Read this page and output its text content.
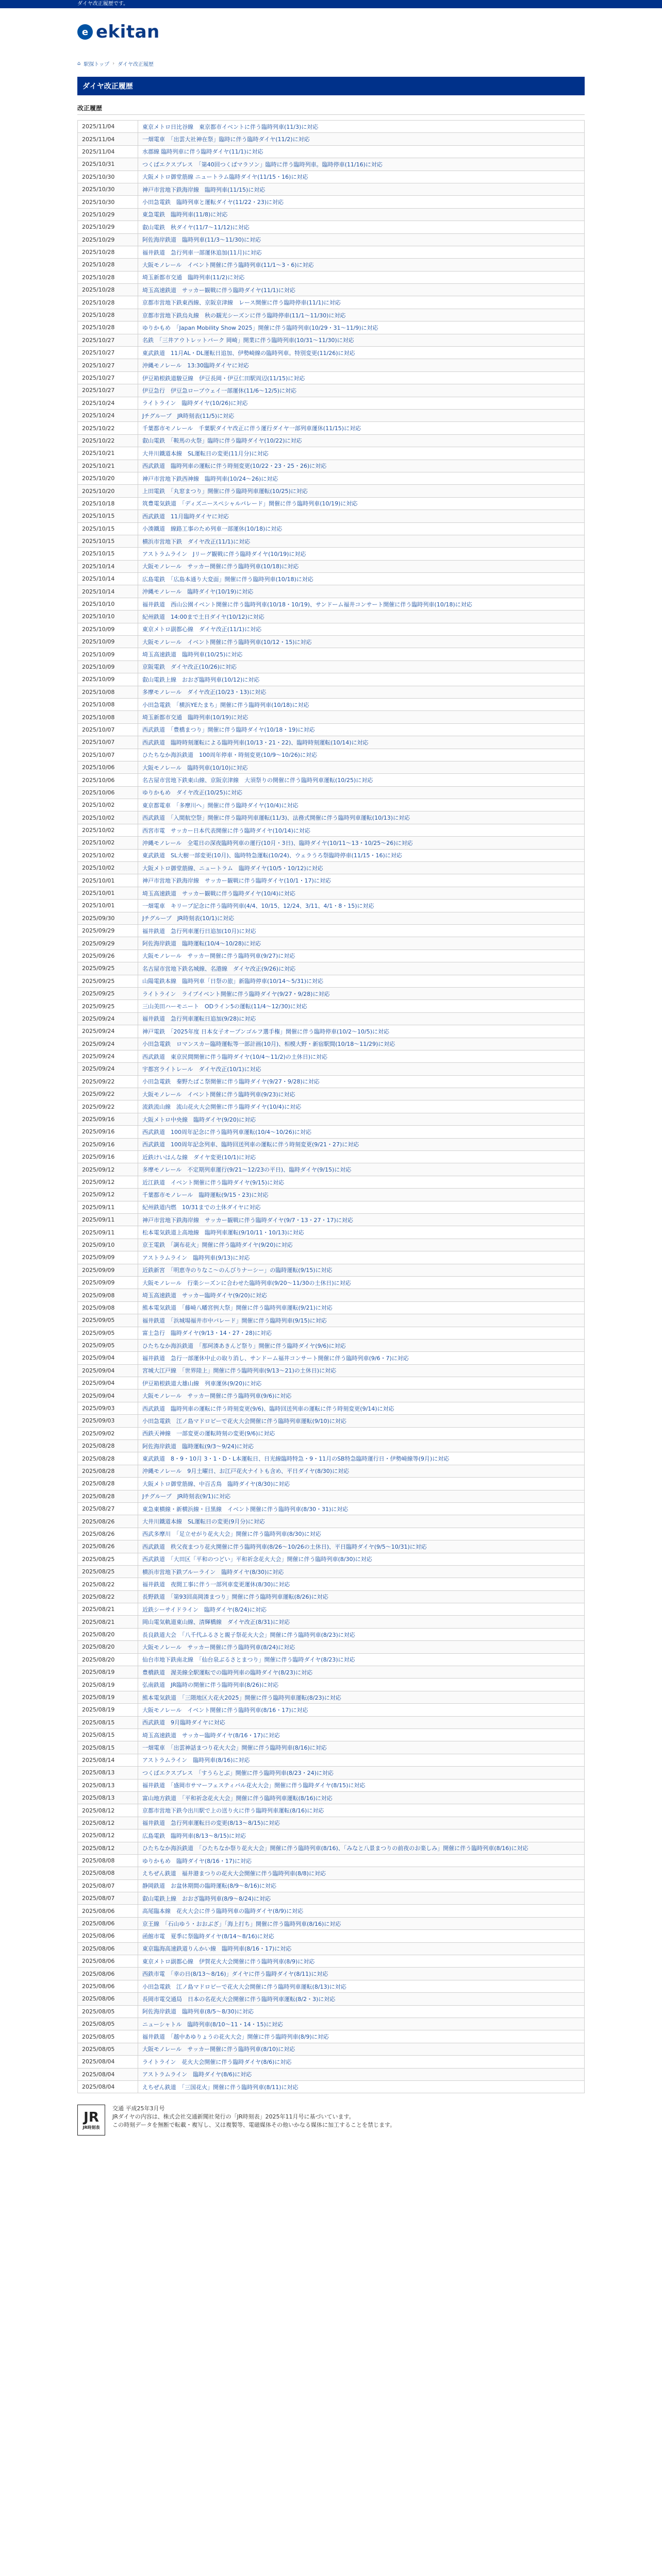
ダイヤ改正履歴です。
e ekitan
⌂ 駅探トップ › ダイヤ改正履歴
ダイヤ改正履歴
改正履歴
2025/11/04	東京メトロ日比谷線　東京都市イベントに伴う臨時列車(11/3)に対応
2025/11/04	一畑電車　「出雲大社神在祭」臨時に伴う臨時ダイヤ(11/2)に対応
2025/11/04	水郡線 臨時列車に伴う臨時ダイヤ(11/1)に対応
2025/10/31	つくばエクスプレス　「第40回つくばマラソン」臨時に伴う臨時列車。臨時停車(11/16)に対応
2025/10/30	大阪メトロ御堂筋線 ニュートラム臨時ダイヤ(11/15・16)に対応
2025/10/30	神戸市営地下鉄海岸線　臨時列車(11/15)に対応
2025/10/30	小田急電鉄　臨時列車と運転ダイヤ(11/22・23)に対応
2025/10/29	東急電鉄　臨時列車(11/8)に対応
2025/10/29	叡山電鉄　秋ダイヤ(11/7〜11/12)に対応
2025/10/29	阿佐海岸鉄道　臨時列車(11/3〜11/30)に対応
2025/10/28	福井鉄道　急行列車一部運休追加(11月)に対応
2025/10/28	大阪モノレール　イベント開催に伴う臨時列車(11/1〜3・6)に対応
2025/10/28	埼玉新都市交通　臨時列車(11/2)に対応
2025/10/28	埼玉高速鉄道　サッカー観戦に伴う臨時ダイヤ(11/1)に対応
2025/10/28	京都市営地下鉄東西線、京阪京津線　レース開催に伴う臨時停車(11/1)に対応
2025/10/28	京都市営地下鉄烏丸線　秋の観光シーズンに伴う臨時停車(11/1〜11/30)に対応
2025/10/28	ゆりかもめ　「Japan Mobility Show 2025」開催に伴う臨時列車(10/29・31〜11/9)に対応
2025/10/27	名鉄　「三井アウトレットパーク 岡崎」開業に伴う臨時列車(10/31〜11/30)に対応
2025/10/27	東武鉄道　11月AL・DL運転日追加、伊勢崎線の臨時列車。特別変更(11/26)に対応
2025/10/27	沖縄モノレール　13:30臨時ダイヤに対応
2025/10/27	伊豆箱根鉄道駿豆線　伊豆長岡・伊豆仁田駅周辺(11/15)に対応
2025/10/27	伊豆急行　伊豆急ロープウェイ一部運休(11/6〜12/5)に対応
2025/10/24	ライトライン　臨時ダイヤ(10/26)に対応
2025/10/24	Jチグループ　JR時刻表(11/5)に対応
2025/10/22	千葉都市モノレール　千葉駅ダイヤ改正に伴う運行ダイヤ一部列車運休(11/15)に対応
2025/10/22	叡山電鉄　「鞍馬の火祭」臨時に伴う臨時ダイヤ(10/22)に対応
2025/10/21	大井川鐵道本線　SL運転日の変更(11月分)に対応
2025/10/21	西武鉄道　臨時列車の運転に伴う時刻変更(10/22・23・25・26)に対応
2025/10/20	神戸市営地下鉄西神線　臨時列車(10/24〜26)に対応
2025/10/20	上田電鉄　「丸窓まつり」開催に伴う臨時列車運転(10/25)に対応
2025/10/18	筑豊電気鉄道　「ディズニースペシャルパレード」開催に伴う臨時列車(10/19)に対応
2025/10/15	西武鉄道　11月臨時ダイヤに対応
2025/10/15	小湊鐵道　線路工事のため列車一部運休(10/18)に対応
2025/10/15	横浜市営地下鉄　ダイヤ改正(11/1)に対応
2025/10/15	アストラムライン　Jリーグ観戦に伴う臨時ダイヤ(10/19)に対応
2025/10/14	大阪モノレール　サッカー開催に伴う臨時列車(10/18)に対応
2025/10/14	広島電鉄　「広島本通り大変面」開催に伴う臨時列車(10/18)に対応
2025/10/14	沖縄モノレール　臨時ダイヤ(10/19)に対応
2025/10/10	福井鉄道　西山公園イベント開催に伴う臨時列車(10/18・10/19)、サンドーム福井コンサート開催に伴う臨時列車(10/18)に対応
2025/10/10	紀州鉄道　14:00まで土日ダイヤ(10/12)に対応
2025/10/09	東京メトロ副都心線　ダイヤ改正(11/1)に対応
2025/10/09	大阪モノレール　イベント開催に伴う臨時列車(10/12・15)に対応
2025/10/09	埼玉高速鉄道　臨時列車(10/25)に対応
2025/10/09	京阪電鉄　ダイヤ改正(10/26)に対応
2025/10/09	叡山電鉄上線　おおざ臨時列車(10/12)に対応
2025/10/08	多摩モノレール　ダイヤ改正(10/23・13)に対応
2025/10/08	小田急電鉄　「横浜YEたまち」開催に伴う臨時列車(10/18)に対応
2025/10/08	埼玉新都市交通　臨時列車(10/19)に対応
2025/10/07	西武鉄道　「豊橋まつり」開催に伴う臨時ダイヤ(10/18・19)に対応
2025/10/07	西武鉄道　臨時時刻運転による臨時列車(10/13・21・22)、臨時時刻運転(10/14)に対応
2025/10/07	ひたちなか海浜鉄道　100周年停車・時刻変更(10/9〜10/26)に対応
2025/10/06	大阪モノレール　臨時列車(10/10)に対応
2025/10/06	名古屋市営地下鉄東山線、京阪京津線　大須祭りの開催に伴う臨時列車運転(10/25)に対応
2025/10/06	ゆりかもめ　ダイヤ改正(10/25)に対応
2025/10/02	東京都電車　「多摩川へ」開催に伴う臨時ダイヤ(10/4)に対応
2025/10/02	西武鉄道　「入間航空祭」開催に伴う臨時列車運転(11/3)、法務式開催に伴う臨時列車運転(10/13)に対応
2025/10/02	西宮市電　サッカー日本代表開催に伴う臨時ダイヤ(10/14)に対応
2025/10/02	沖縄モノレール　全電日の深夜臨時列車の運行(10月・3日)、臨時ダイヤ(10/11〜13・10/25〜26)に対応
2025/10/02	東武鉄道　SL大樹一部変更(10月)、臨時特急運転(10/24)、ウェラうろ祭臨時停車(11/15・16)に対応
2025/10/02	大阪メトロ御堂筋線、ニュートラム　臨時ダイヤ(10/5・10/12)に対応
2025/10/01	神戸市営地下鉄海岸線　サッカー観戦に伴う臨時ダイヤ(10/1・17)に対応
2025/10/01	埼玉高速鉄道　サッカー観戦に伴う臨時ダイヤ(10/4)に対応
2025/10/01	一畑電車　キリーブ記念に伴う臨時列車(4/4、10/15、12/24、3/11、4/1・8・15)に対応
2025/09/30	Jチグループ　JR時刻表(10/1)に対応
2025/09/29	福井鉄道　急行列車運行日追加(10月)に対応
2025/09/29	阿佐海岸鉄道　臨時運転(10/4〜10/28)に対応
2025/09/26	大阪モノレール　サッカー開催に伴う臨時列車(9/27)に対応
2025/09/25	名古屋市営地下鉄名城線、名港線　ダイヤ改正(9/26)に対応
2025/09/25	山陽電鉄本線　臨時列車「日祭の旅」新臨時停車(10/14〜5/31)に対応
2025/09/25	ライトライン　ライブイベント開催に伴う臨時ダイヤ(9/27・9/28)に対応
2025/09/25	三山美田ハーモニート　ODライン5の運転(11/4〜12/30)に対応
2025/09/24	福井鉄道　急行列車運転日追加(9/28)に対応
2025/09/24	神戸電鉄　「2025年度 日本女子オープンゴルフ選手権」開催に伴う臨時停車(10/2〜10/5)に対応
2025/09/24	小田急電鉄　ロマンスカー臨時運転等一部計画(10月)、相模大野・新宿駅間(10/18〜11/29)に対応
2025/09/24	西武鉄道　東京民間開催に伴う臨時ダイヤ(10/4〜11/2)の土休日)に対応
2025/09/24	宇都宮ライトレール　ダイヤ改正(10/1)に対応
2025/09/22	小田急電鉄　秦野たばこ祭開催に伴う臨時ダイヤ(9/27・9/28)に対応
2025/09/22	大阪モノレール　イベント開催に伴う臨時列車(9/23)に対応
2025/09/22	流鉄流山線　流山花火大会開催に伴う臨時ダイヤ(10/4)に対応
2025/09/16	大阪メトロ中央線　臨時ダイヤ(9/20)に対応
2025/09/16	西武鉄道　100周年記念に伴う臨時列車運転(10/4〜10/26)に対応
2025/09/16	西武鉄道　100周年記念列車、臨時回送列車の運転に伴う時刻変更(9/21・27)に対応
2025/09/16	近鉄けいはんな線　ダイヤ変更(10/1)に対応
2025/09/12	多摩モノレール　不定期列車運行(9/21〜12/23の平日)、臨時ダイヤ(9/15)に対応
2025/09/12	近江鉄道　イベント開催に伴う臨時ダイヤ(9/15)に対応
2025/09/12	千葉都市モノレール　臨時運転(9/15・23)に対応
2025/09/11	紀州鉄道内燃　10/31までの土休ダイヤに対応
2025/09/11	神戸市営地下鉄海岸線　サッカー観戦に伴う臨時ダイヤ(9/7・13・27・17)に対応
2025/09/11	松本電気鉄道上高地線　臨時列車運転(9/10/11・10/13)に対応
2025/09/10	京王電鉄　「調布花火」開催に伴う臨時ダイヤ(9/20)に対応
2025/09/09	アストラムライン　臨時列車(9/13)に対応
2025/09/09	近鉄新宮　「明恵寺のりなこ〜のんびりナーシー」の臨時運転(9/15)に対応
2025/09/09	大阪モノレール　行楽シーズンに合わせた臨時列車(9/20〜11/30の土休日)に対応
2025/09/08	埼玉高速鉄道　サッカー臨時ダイヤ(9/20)に対応
2025/09/08	熊本電気鉄道　「藤崎八幡宮例大祭」開催に伴う臨時列車運転(9/21)に対応
2025/09/05	福井鉄道　「浜城場福井市中パレード」開催に伴う臨時列車(9/15)に対応
2025/09/05	富士急行　臨時ダイヤ(9/13・14・27・28)に対応
2025/09/05	ひたちなか海浜鉄道　「那珂湊あきんど祭り」開催に伴う臨時ダイヤ(9/6)に対応
2025/09/04	福井鉄道　急行一部運休中止の取り消し、サンドーム福井コンサート開催に伴う臨時列車(9/6・7)に対応
2025/09/04	宮城大江戸線　「世界陸上」開催に伴う臨時列車(9/13〜21)の土休日)に対応
2025/09/04	伊豆箱根鉄道大雄山線　列車運休(9/20)に対応
2025/09/04	大阪モノレール　サッカー開催に伴う臨時列車(9/6)に対応
2025/09/03	西武鉄道　臨時列車の運転に伴う時刻変更(9/6)、臨時回送列車の運転に伴う時刻変更(9/14)に対応
2025/09/03	小田急電鉄　江ノ島マドロピーで花火大会開催に伴う臨時列車運転(9/10)に対応
2025/09/02	西鉄天神線　一部変更の運転時刻の変更(9/6)に対応
2025/08/28	阿佐海岸鉄道　臨時運転(9/3〜9/24)に対応
2025/08/28	東武鉄道　8・9・10月 3・1・D・L本運転日、日光線臨時特急・9・11月のSB特急臨時運行日・伊勢崎線等(9月)に対応
2025/08/28	沖縄モノレール　9月土曜日、お江戸花火ナイトも含め、平日ダイヤ(8/30)に対応
2025/08/28	大阪メトロ御堂筋線、中百舌鳥　臨時ダイヤ(8/30)に対応
2025/08/28	Jチグループ　JR時刻表(9/1)に対応
2025/08/27	東急東横線・新横浜線・目黒線　イベント開催に伴う臨時列車(8/30・31)に対応
2025/08/26	大井川鐵道本線　SL運転日の変更(9月分)に対応
2025/08/26	西武多摩川　「足立せがり花火大会」開催に伴う臨時列車(8/30)に対応
2025/08/26	西武鉄道　秩父夜まつり花火開催に伴う臨時列車(8/26〜10/26の土休日)、平日臨時ダイヤ(9/5〜10/31)に対応
2025/08/25	西武鉄道　「大田区「平和のつどい」平和祈念花火大会」開催に伴う臨時列車(8/30)に対応
2025/08/25	横浜市営地下鉄ブルーライン　臨時ダイヤ(8/30)に対応
2025/08/22	福井鉄道　夜間工事に伴う一部列車変更運休(8/30)に対応
2025/08/22	長野鉄道　「第93回高岡湊まつり」開催に伴う臨時列車運転(8/26)に対応
2025/08/21	近鉄シーサイドライン　臨時ダイヤ(8/24)に対応
2025/08/21	岡山電気軌道東山線、清輝橋線　ダイヤ改正(8/31)に対応
2025/08/20	長良鉄道大会　「八千代ふるさと親子祭花火大会」開催に伴う臨時列車(8/23)に対応
2025/08/20	大阪モノレール　サッカー開催に伴う臨時列車(8/24)に対応
2025/08/20	仙台市地下鉄南北線　「仙台泉ぶるさとまつり」開催に伴う臨時ダイヤ(8/23)に対応
2025/08/19	豊橋鉄道　渥美線全駅運転での臨時列車の臨時ダイヤ(8/23)に対応
2025/08/19	弘南鉄道　JR臨時の開催に伴う臨時列車(8/26)に対応
2025/08/19	熊本電気鉄道　「三隈地区大花火2025」開催に伴う臨時列車運転(8/23)に対応
2025/08/19	大阪モノレール　イベント開催に伴う臨時列車(8/16・17)に対応
2025/08/15	西武鉄道　9月臨時ダイヤに対応
2025/08/15	埼玉高速鉄道　サッカー臨時ダイヤ(8/16・17)に対応
2025/08/15	一畑電車　「出雲神話まつり花火大会」開催に伴う臨時列車(8/16)に対応
2025/08/14	アストラムライン　臨時列車(8/16)に対応
2025/08/13	つくばエクスプレス　「すうらとぶ」開催に伴う臨時列車(8/23・24)に対応
2025/08/13	福井鉄道　「盛岡市サマーフェスティバル花火大会」開催に伴う臨時ダイヤ(8/15)に対応
2025/08/13	富山地方鉄道　「平和祈念花火大会」開催に伴う臨時列車運転(8/16)に対応
2025/08/12	京都市営地下鉄今出川駅で上の送り火に伴う臨時列車運転(8/16)に対応
2025/08/12	福井鉄道　急行列車運転日の変更(8/13〜8/15)に対応
2025/08/12	広島電鉄　臨時列車(8/13〜8/15)に対応
2025/08/12	ひたちなか海浜鉄道　「ひたちなか祭り花火大会」開催に伴う臨時列車(8/16)、「みなと八景まつりの前夜のお楽しみ」開催に伴う臨時列車(8/16)に対応
2025/08/08	ゆりかもめ　臨時ダイヤ(8/16・17)に対応
2025/08/08	えちぜん鉄道　福井港まつりの花火大会開催に伴う臨時列車(8/8)に対応
2025/08/07	静岡鉄道　お盆休期間の臨時運転(8/9〜8/16)に対応
2025/08/07	叡山電鉄上線　おおざ臨時列車(8/9〜8/24)に対応
2025/08/06	高尾臨本線　花火大会に伴う臨時列車の臨時ダイヤ(8/9)に対応
2025/08/06	京王線　「石山ゆう・おおぶざ」「海上打ち」開催に伴う臨時列車(8/16)に対応
2025/08/06	函館市電　夏季に祭臨時ダイヤ(8/14〜8/16)に対応
2025/08/06	東京臨海高速鉄道りんかい線　臨時列車(8/16・17)に対応
2025/08/06	東京メトロ副都心線　伊賀花火大会開催に伴う臨時列車(8/9)に対応
2025/08/06	西鉄市電　「幸の日(8/13〜8/16)」ダイヤに伴う臨時ダイヤ(8/11)に対応
2025/08/06	小田急電鉄　江ノ島マドロピーで花火大会開催に伴う臨時列車運転(8/13)に対応
2025/08/06	長岡市電交通局　日本の名花火大会開催に伴う臨時列車運転(8/2・3)に対応
2025/08/05	阿佐海岸鉄道　臨時列車(8/5〜8/30)に対応
2025/08/05	ニューシャトル　臨時列車(8/10〜11・14・15)に対応
2025/08/05	福井鉄道　「越中あゆりょうの花火大会」開催に伴う臨時列車(8/9)に対応
2025/08/05	大阪モノレール　サッカー開催に伴う臨時列車(8/10)に対応
2025/08/04	ライトライン　花火大会開催に伴う臨時ダイヤ(8/6)に対応
2025/08/04	アストラムライン　臨時ダイヤ(8/6)に対応
2025/08/04	えちぜん鉄道　「三国花火」開催に伴う臨時列車(8/11)に対応
JR
JR時刻表
交通 平成25年3月号
JRダイヤの内容は、株式会社交通新聞社発行の「JR時刻表」2025年11月号に基づいています。
この時刻データを無断で転載・複写し、又は複製等、電磁媒体その他いかなる媒体に加工することを禁じます。
